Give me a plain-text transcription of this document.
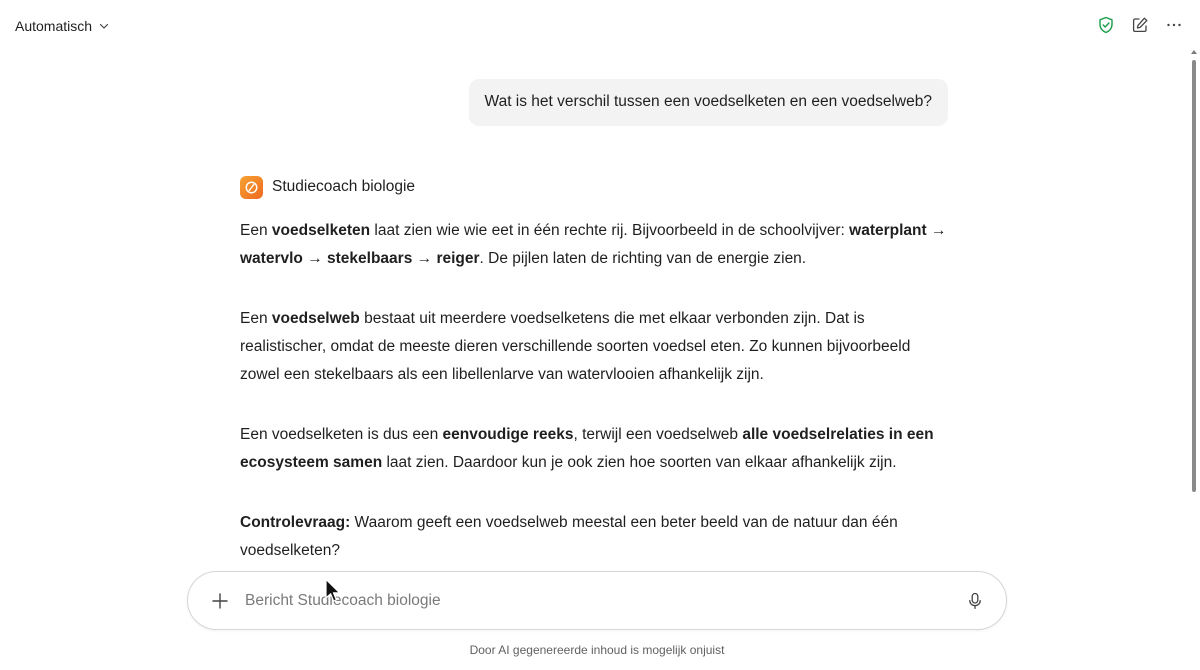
Automatisch
Wat is het verschil tussen een voedselketen en een voedselweb?
Studiecoach biologie

Een voedselketen laat zien wie wie eet in één rechte rij. Bijvoorbeeld in de schoolvijver: waterplant → watervlo → stekelbaars → reiger. De pijlen laten de richting van de energie zien.

Een voedselweb bestaat uit meerdere voedselketens die met elkaar verbonden zijn. Dat is realistischer, omdat de meeste dieren verschillende soorten voedsel eten. Zo kunnen bijvoorbeeld zowel een stekelbaars als een libellenlarve van watervlooien afhankelijk zijn.

Een voedselketen is dus een eenvoudige reeks, terwijl een voedselweb alle voedselrelaties in een ecosysteem samen laat zien. Daardoor kun je ook zien hoe soorten van elkaar afhankelijk zijn.

Controlevraag: Waarom geeft een voedselweb meestal een beter beeld van de natuur dan één voedselketen?

Bericht Studiecoach biologie
Door AI gegenereerde inhoud is mogelijk onjuist
